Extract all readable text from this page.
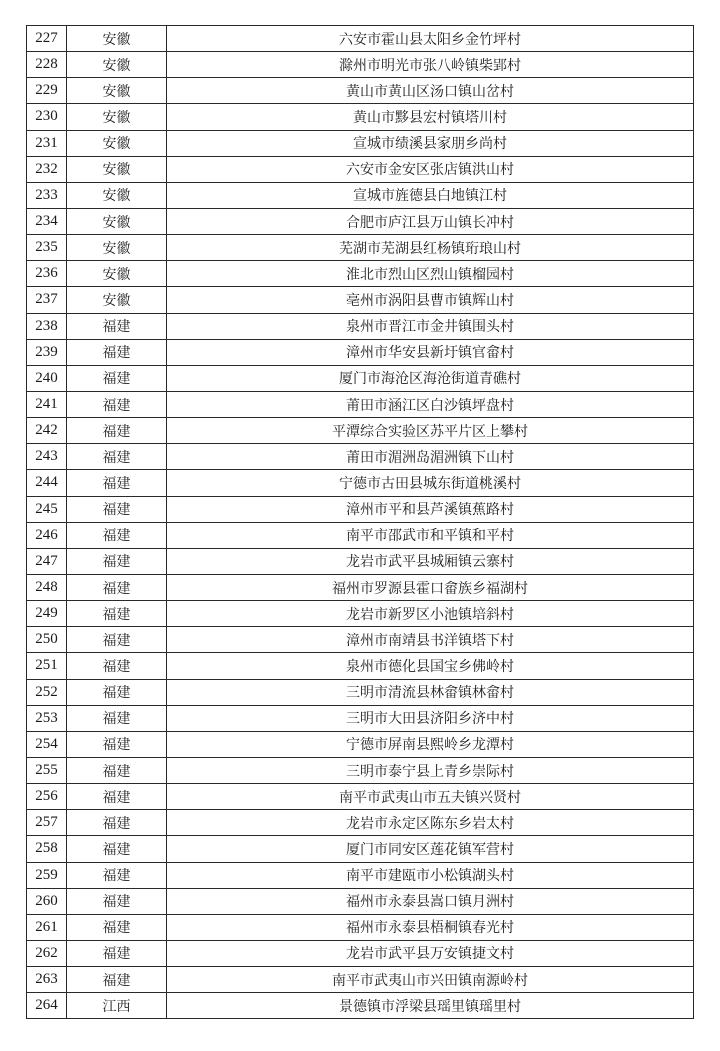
227	安徽	六安市霍山县太阳乡金竹坪村
228	安徽	滁州市明光市张八岭镇柴郢村
229	安徽	黄山市黄山区汤口镇山岔村
230	安徽	黄山市黟县宏村镇塔川村
231	安徽	宣城市绩溪县家朋乡尚村
232	安徽	六安市金安区张店镇洪山村
233	安徽	宣城市旌德县白地镇江村
234	安徽	合肥市庐江县万山镇长冲村
235	安徽	芜湖市芜湖县红杨镇珩琅山村
236	安徽	淮北市烈山区烈山镇榴园村
237	安徽	亳州市涡阳县曹市镇辉山村
238	福建	泉州市晋江市金井镇围头村
239	福建	漳州市华安县新圩镇官畲村
240	福建	厦门市海沧区海沧街道青礁村
241	福建	莆田市涵江区白沙镇坪盘村
242	福建	平潭综合实验区苏平片区上攀村
243	福建	莆田市湄洲岛湄洲镇下山村
244	福建	宁德市古田县城东街道桃溪村
245	福建	漳州市平和县芦溪镇蕉路村
246	福建	南平市邵武市和平镇和平村
247	福建	龙岩市武平县城厢镇云寨村
248	福建	福州市罗源县霍口畲族乡福湖村
249	福建	龙岩市新罗区小池镇培斜村
250	福建	漳州市南靖县书洋镇塔下村
251	福建	泉州市德化县国宝乡佛岭村
252	福建	三明市清流县林畲镇林畲村
253	福建	三明市大田县济阳乡济中村
254	福建	宁德市屏南县熙岭乡龙潭村
255	福建	三明市泰宁县上青乡崇际村
256	福建	南平市武夷山市五夫镇兴贤村
257	福建	龙岩市永定区陈东乡岩太村
258	福建	厦门市同安区莲花镇军营村
259	福建	南平市建瓯市小松镇湖头村
260	福建	福州市永泰县嵩口镇月洲村
261	福建	福州市永泰县梧桐镇春光村
262	福建	龙岩市武平县万安镇捷文村
263	福建	南平市武夷山市兴田镇南源岭村
264	江西	景德镇市浮梁县瑶里镇瑶里村
